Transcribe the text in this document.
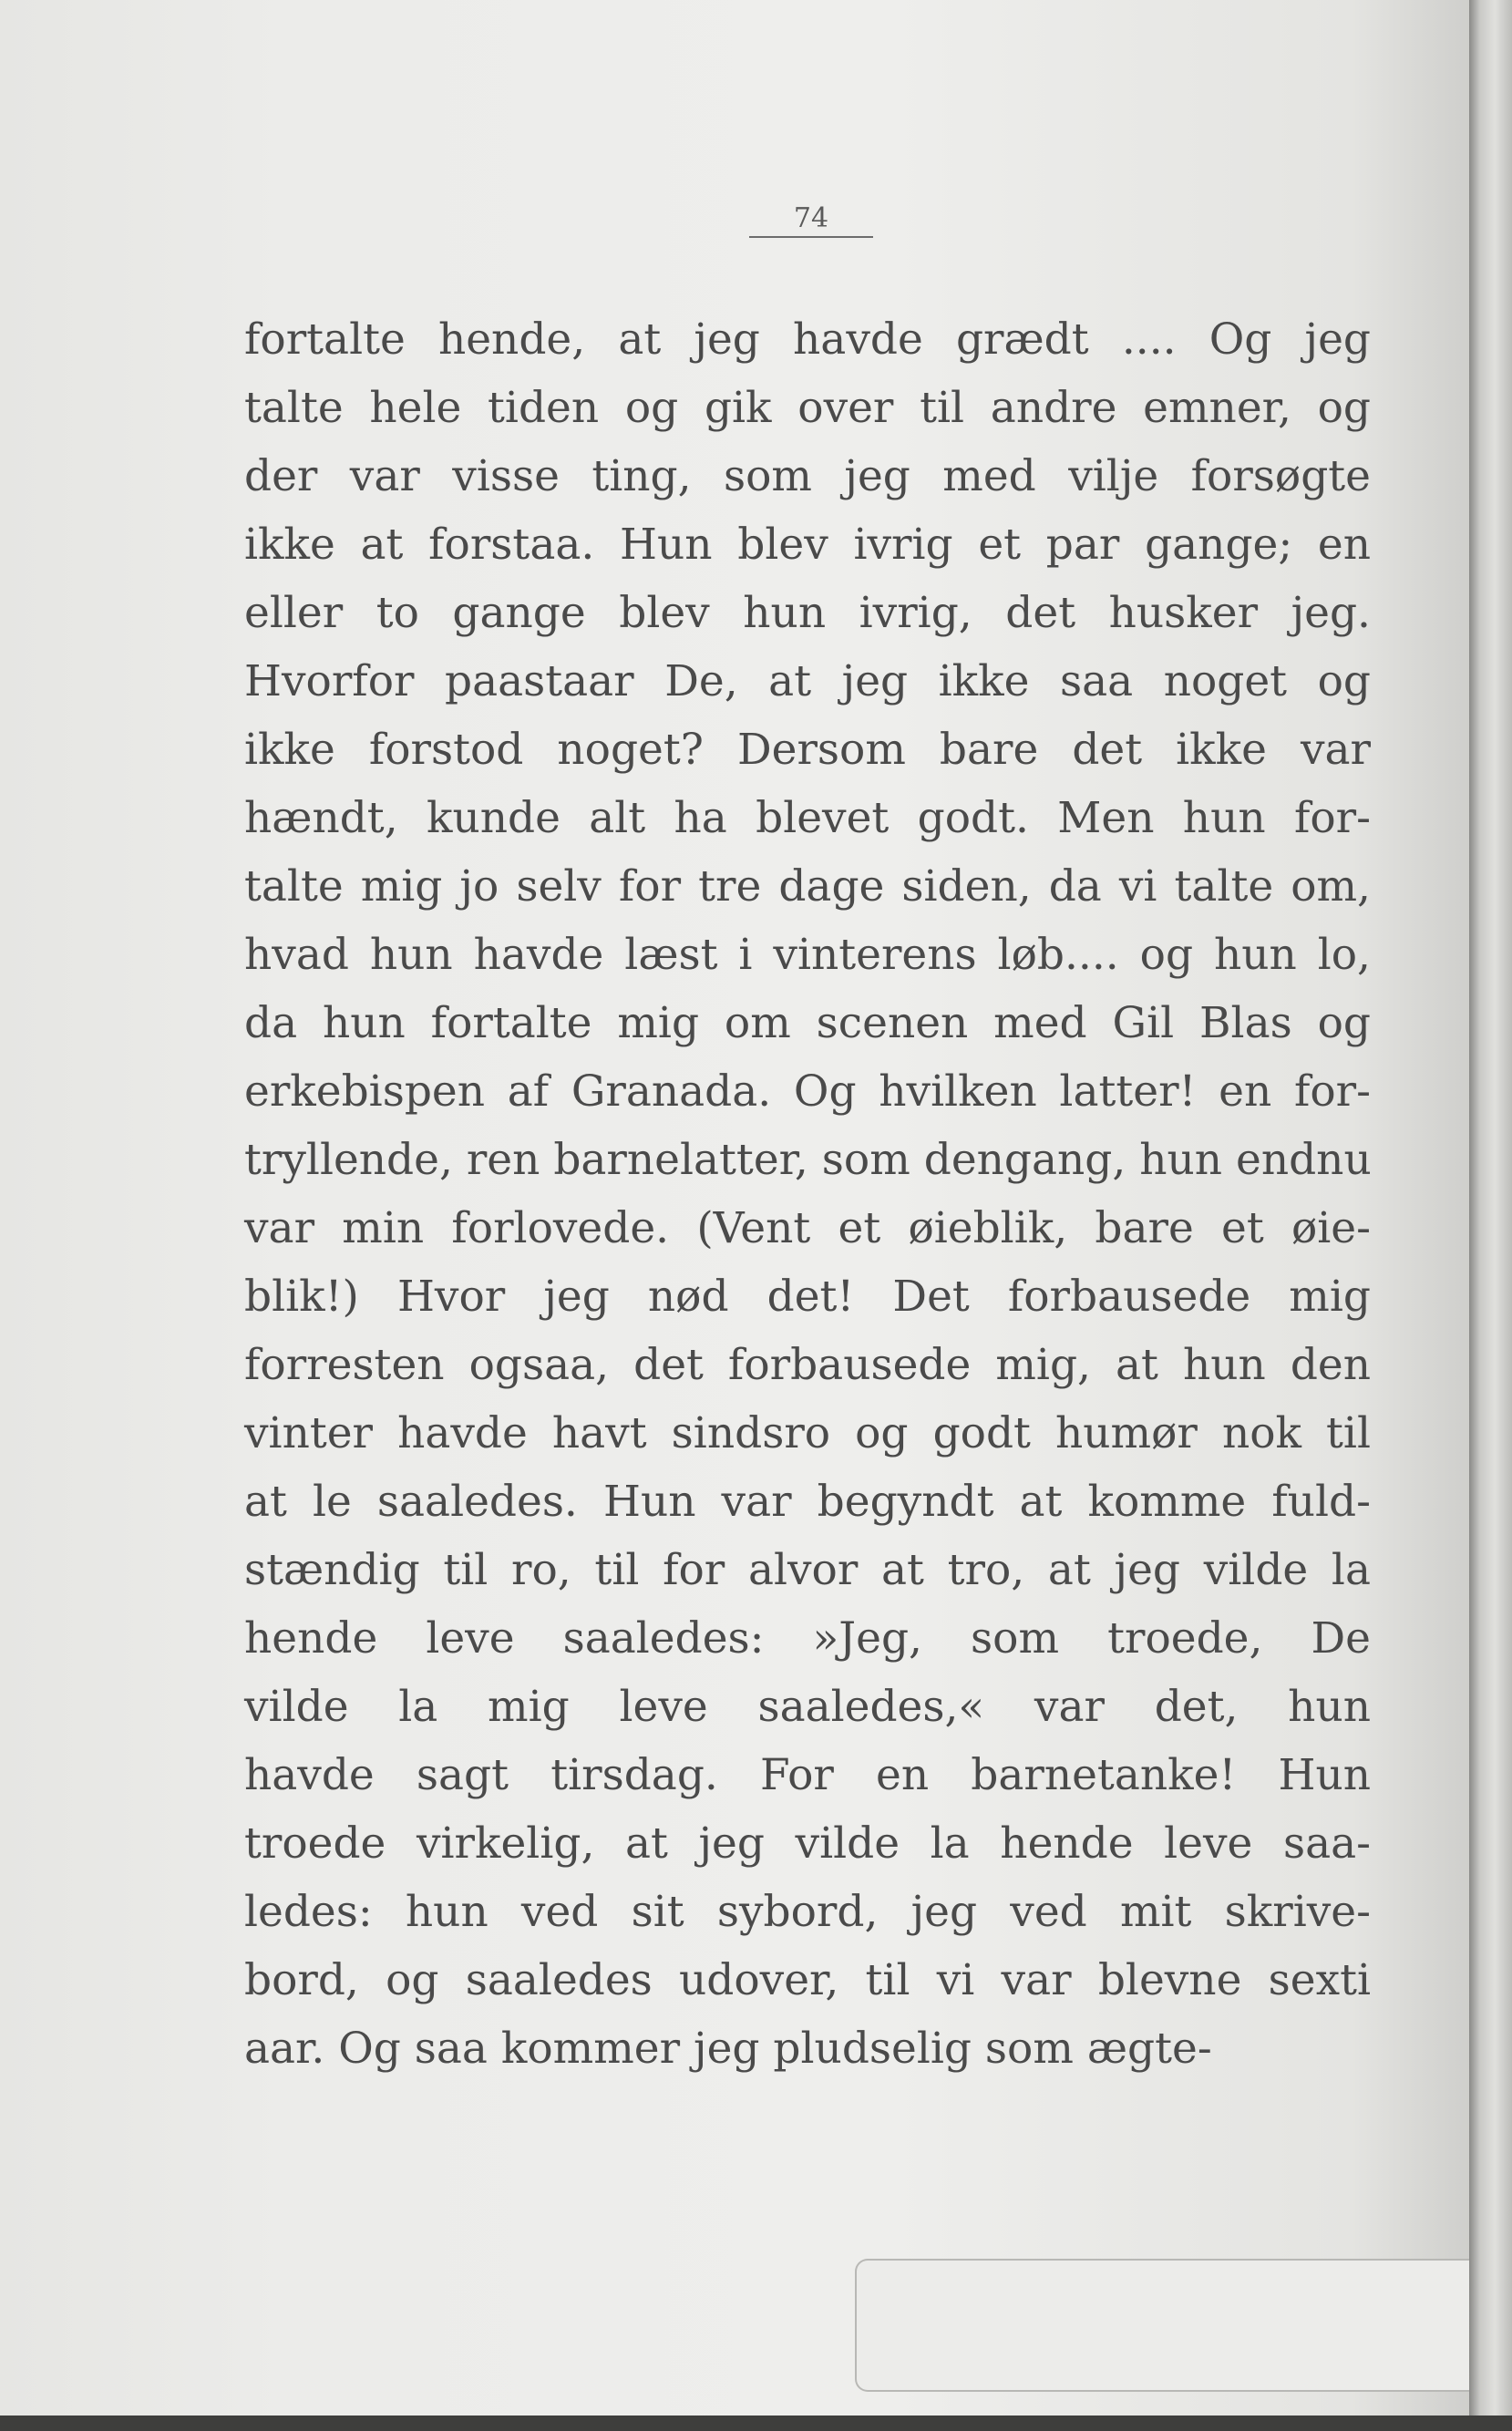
74
fortalte hende, at jeg havde grædt .... Og jeg
talte hele tiden og gik over til andre emner, og
der var visse ting, som jeg med vilje forsøgte
ikke at forstaa. Hun blev ivrig et par gange; en
eller to gange blev hun ivrig, det husker jeg.
Hvorfor paastaar De, at jeg ikke saa noget og
ikke forstod noget? Dersom bare det ikke var
hændt, kunde alt ha blevet godt. Men hun for-
talte mig jo selv for tre dage siden, da vi talte om,
hvad hun havde læst i vinterens løb.... og hun lo,
da hun fortalte mig om scenen med Gil Blas og
erkebispen af Granada. Og hvilken latter! en for-
tryllende, ren barnelatter, som dengang, hun endnu
var min forlovede. (Vent et øieblik, bare et øie-
blik!) Hvor jeg nød det! Det forbausede mig
forresten ogsaa, det forbausede mig, at hun den
vinter havde havt sindsro og godt humør nok til
at le saaledes. Hun var begyndt at komme fuld-
stændig til ro, til for alvor at tro, at jeg vilde la
hende leve saaledes: »Jeg, som troede, De
vilde la mig leve saaledes,« var det, hun
havde sagt tirsdag. For en barnetanke! Hun
troede virkelig, at jeg vilde la hende leve saa-
ledes: hun ved sit sybord, jeg ved mit skrive-
bord, og saaledes udover, til vi var blevne sexti
aar. Og saa kommer jeg pludselig som ægte-
